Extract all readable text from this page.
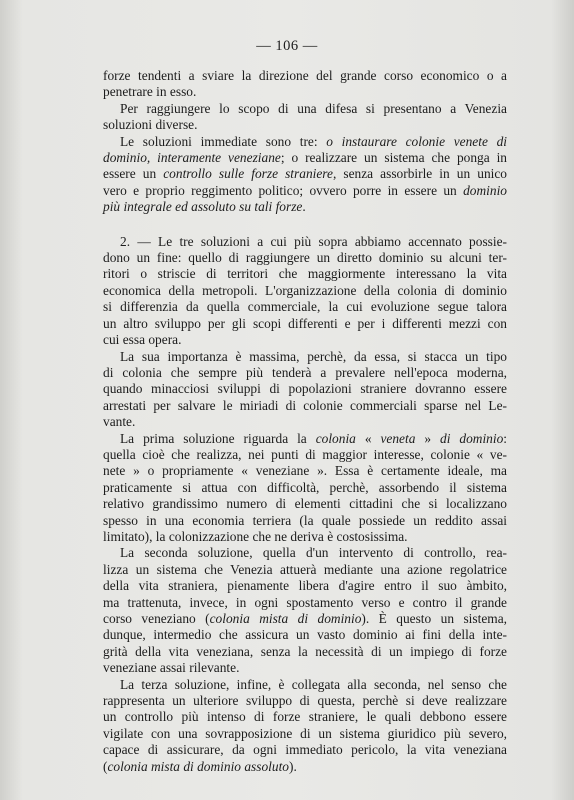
— 106 —
forze tendenti a sviare la direzione del grande corso economico o a
penetrare in esso.
Per raggiungere lo scopo di una difesa si presentano a Venezia
soluzioni diverse.
Le soluzioni immediate sono tre: o instaurare colonie venete di
dominio, interamente veneziane; o realizzare un sistema che ponga in
essere un controllo sulle forze straniere, senza assorbirle in un unico
vero e proprio reggimento politico; ovvero porre in essere un dominio
più integrale ed assoluto su tali forze.
2. — Le tre soluzioni a cui più sopra abbiamo accennato possie-
dono un fine: quello di raggiungere un diretto dominio su alcuni ter-
ritori o striscie di territori che maggiormente interessano la vita
economica della metropoli. L'organizzazione della colonia di dominio
si differenzia da quella commerciale, la cui evoluzione segue talora
un altro sviluppo per gli scopi differenti e per i differenti mezzi con
cui essa opera.
La sua importanza è massima, perchè, da essa, si stacca un tipo
di colonia che sempre più tenderà a prevalere nell'epoca moderna,
quando minacciosi sviluppi di popolazioni straniere dovranno essere
arrestati per salvare le miriadi di colonie commerciali sparse nel Le-
vante.
La prima soluzione riguarda la colonia « veneta » di dominio:
quella cioè che realizza, nei punti di maggior interesse, colonie « ve-
nete » o propriamente « veneziane ». Essa è certamente ideale, ma
praticamente si attua con difficoltà, perchè, assorbendo il sistema
relativo grandissimo numero di elementi cittadini che si localizzano
spesso in una economia terriera (la quale possiede un reddito assai
limitato), la colonizzazione che ne deriva è costosissima.
La seconda soluzione, quella d'un intervento di controllo, rea-
lizza un sistema che Venezia attuerà mediante una azione regolatrice
della vita straniera, pienamente libera d'agire entro il suo àmbito,
ma trattenuta, invece, in ogni spostamento verso e contro il grande
corso veneziano (colonia mista di dominio). È questo un sistema,
dunque, intermedio che assicura un vasto dominio ai fini della inte-
grità della vita veneziana, senza la necessità di un impiego di forze
veneziane assai rilevante.
La terza soluzione, infine, è collegata alla seconda, nel senso che
rappresenta un ulteriore sviluppo di questa, perchè si deve realizzare
un controllo più intenso di forze straniere, le quali debbono essere
vigilate con una sovrapposizione di un sistema giuridico più severo,
capace di assicurare, da ogni immediato pericolo, la vita veneziana
(colonia mista di dominio assoluto).
